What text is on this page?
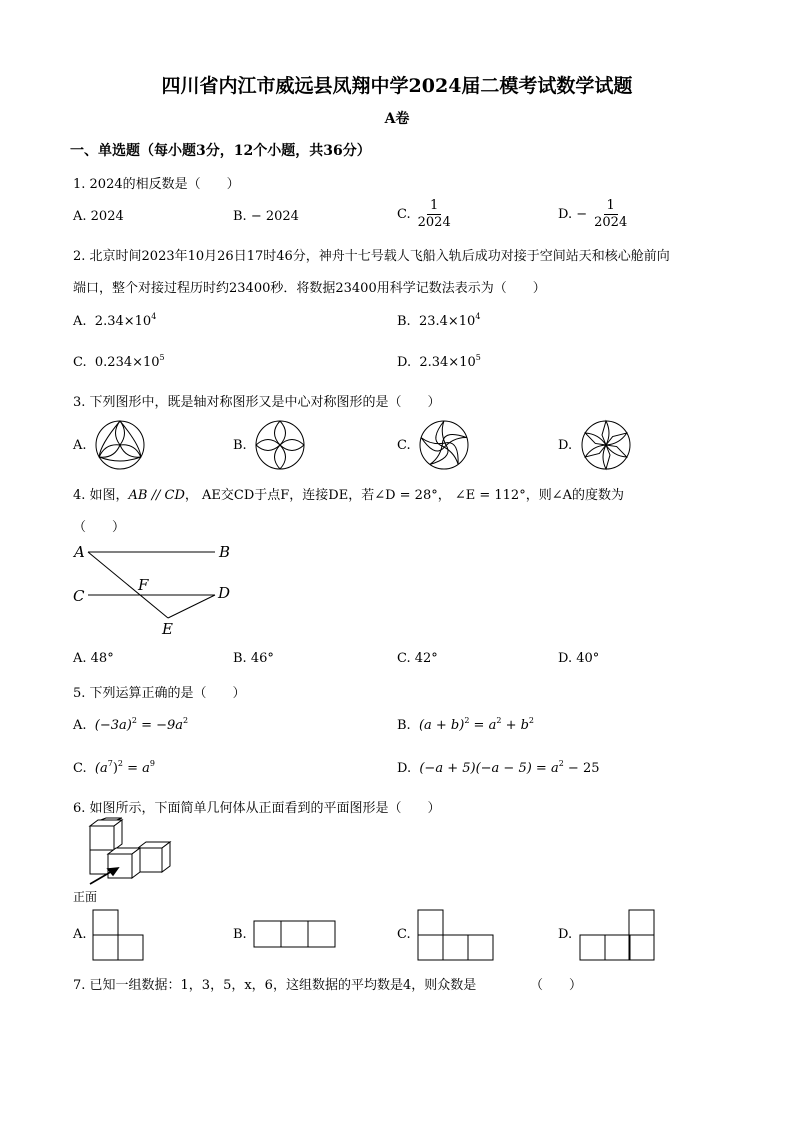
四川省内江市威远县凤翔中学2024届二模考试数学试题
A卷
一、单选题（每小题3分，12个小题，共36分）
1. 2024的相反数是（　　）
A. 2024	B. − 2024	C. $\frac{1}{2024}$	D. − $\frac{1}{2024}$
2. 北京时间2023年10月26日17时46分，神舟十七号载人飞船入轨后成功对接于空间站天和核心舱前向
端口，整个对接过程历时约23400秒．将数据23400用科学记数法表示为（　　）
A. $2.34\times 10^4$	B. $23.4\times 10^4$
C. $0.234\times 10^5$	D. $2.34\times 10^5$
3. 下列图形中，既是轴对称图形又是中心对称图形的是（　　）
A.	B.	C.	D.
4. 如图，AB // CD， AE交CD于点F，连接DE，若∠D = 28°， ∠E = 112°，则∠A的度数为
（　　）
A	B
C	D
E
F
A. 48°	B. 46°	C. 42°	D. 40°
5. 下列运算正确的是（　　）
A. $(-3a)^2 = -9a^2$	B. $(a + b)^2 = a^2 + b^2$
C. $(a^7)^2 = a^9$	D. $(-a + 5)(-a - 5) = a^2 - 25$
6. 如图所示，下面简单几何体从正面看到的平面图形是（　　）
正面
A.	B.	C.	D.
7. 已知一组数据：1，3，5，x，6，这组数据的平均数是4，则众数是	（　　）
